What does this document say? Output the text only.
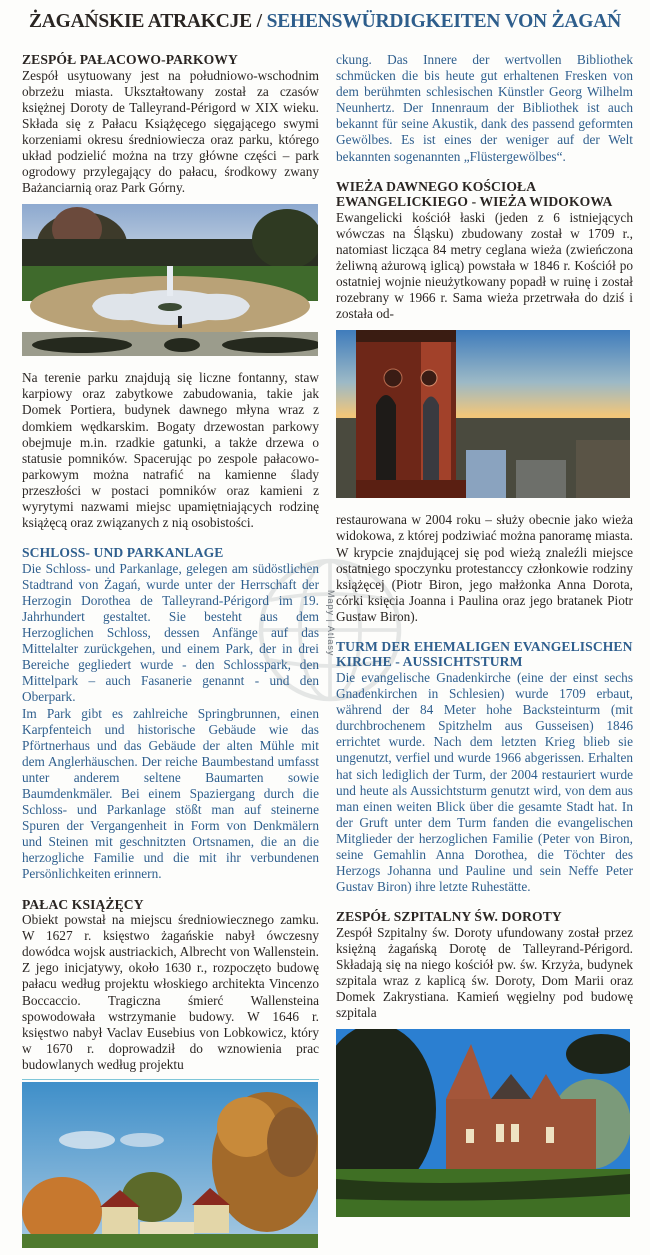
ŻAGAŃSKIE ATRAKCJE / SEHENSWÜRDIGKEITEN VON ŻAGAŃ
Mapy | Atlasy

ZESPÓŁ PAŁACOWO-PARKOWY

Zespół usytuowany jest na południowo-wschodnim obrzeżu miasta. Ukształtowany został za czasów księżnej Doroty de Talleyrand-Périgord w XIX wieku. Składa się z Pałacu Książęcego sięgającego swymi korzeniami okresu średniowiecza oraz parku, którego układ podzielić można na trzy główne części – park ogrodowy przylegający do pałacu, środkowy zwany Bażanciarnią oraz Park Górny.

Na terenie parku znajdują się liczne fontanny, staw karpiowy oraz zabytkowe zabudowania, takie jak Domek Portiera, budynek dawnego młyna wraz z domkiem wędkarskim. Bogaty drzewostan parkowy obejmuje m.in. rzadkie gatunki, a także drzewa o statusie pomników. Spacerując po zespole pałacowo-parkowym można natrafić na kamienne ślady przeszłości w postaci pomników oraz kamieni z wyrytymi nazwami miejsc upamiętniających rodzinę książęcą oraz związanych z nią osobistości.

SCHLOSS- UND PARKANLAGE

Die Schloss- und Parkanlage, gelegen am südöstlichen Stadtrand von Żagań, wurde unter der Herrschaft der Herzogin Dorothea de Talleyrand-Périgord im 19. Jahrhundert gestaltet. Sie besteht aus dem Herzoglichen Schloss, dessen Anfänge auf das Mittelalter zurückgehen, und einem Park, der in drei Bereiche gegliedert wurde - den Schlosspark, den Mittelpark – auch Fasanerie genannt - und den Oberpark.

Im Park gibt es zahlreiche Springbrunnen, einen Karpfenteich und historische Gebäude wie das Pförtnerhaus und das Gebäude der alten Mühle mit dem Anglerhäuschen. Der reiche Baumbestand umfasst unter anderem seltene Baumarten sowie Baumdenkmäler. Bei einem Spaziergang durch die Schloss- und Parkanlage stößt man auf steinerne Spuren der Vergangenheit in Form von Denkmälern und Steinen mit geschnitzten Ortsnamen, die an die herzogliche Familie und die mit ihr verbundenen Persönlichkeiten erinnern.

PAŁAC KSIĄŻĘCY

Obiekt powstał na miejscu średniowiecznego zamku. W 1627 r. księstwo żagańskie nabył ówczesny dowódca wojsk austriackich, Albrecht von Wallenstein. Z jego inicjatywy, około 1630 r., rozpoczęto budowę pałacu według projektu włoskiego architekta Vincenzo Boccaccio. Tragiczna śmierć Wallensteina spowodowała wstrzymanie budowy. W 1646 r. księstwo nabył Vaclav Eusebius von Lobkowicz, który w 1670 r. doprowadził do wznowienia prac budowlanych według projektu

ckung. Das Innere der wertvollen Bibliothek schmücken die bis heute gut erhaltenen Fresken von dem berühmten schlesischen Künstler Georg Wilhelm Neunhertz. Der Innenraum der Bibliothek ist auch bekannt für seine Akustik, dank des passend geformten Gewölbes. Es ist eines der weniger auf der Welt bekannten sogenannten „Flüstergewölbes“.

WIEŻA DAWNEGO KOŚCIOŁA EWANGELICKIEGO - WIEŻA WIDOKOWA

Ewangelicki kościół łaski (jeden z 6 istniejących wówczas na Śląsku) zbudowany został w 1709 r., natomiast licząca 84 metry ceglana wieża (zwieńczona żeliwną ażurową iglicą) powstała w 1846 r. Kościół po ostatniej wojnie nieużytkowany popadł w ruinę i został rozebrany w 1966 r. Sama wieża przetrwała do dziś i została od-

restaurowana w 2004 roku – służy obecnie jako wieża widokowa, z której podziwiać można panoramę miasta. W krypcie znajdującej się pod wieżą znaleźli miejsce ostatniego spoczynku protestanccy członkowie rodziny książęcej (Piotr Biron, jego małżonka Anna Dorota, córki księcia Joanna i Paulina oraz jego bratanek Piotr Gustaw Biron).

TURM DER EHEMALIGEN EVANGELISCHEN KIRCHE - AUSSICHTSTURM

Die evangelische Gnadenkirche (eine der einst sechs Gnadenkirchen in Schlesien) wurde 1709 erbaut, während der 84 Meter hohe Backsteinturm (mit durchbrochenem Spitzhelm aus Gusseisen) 1846 errichtet wurde. Nach dem letzten Krieg blieb sie ungenutzt, verfiel und wurde 1966 abgerissen. Erhalten hat sich lediglich der Turm, der 2004 restauriert wurde und heute als Aussichtsturm genutzt wird, von dem aus man einen weiten Blick über die gesamte Stadt hat. In der Gruft unter dem Turm fanden die evangelischen Mitglieder der herzoglichen Familie (Peter von Biron, seine Gemahlin Anna Dorothea, die Töchter des Herzogs Johanna und Pauline und sein Neffe Peter Gustav Biron) ihre letzte Ruhestätte.

ZESPÓŁ SZPITALNY ŚW. DOROTY

Zespół Szpitalny św. Doroty ufundowany został przez księżną żagańską Dorotę de Talleyrand-Périgord. Składają się na niego kościół pw. św. Krzyża, budynek szpitala wraz z kaplicą św. Doroty, Dom Marii oraz Domek Zakrystiana. Kamień węgielny pod budowę szpitala
